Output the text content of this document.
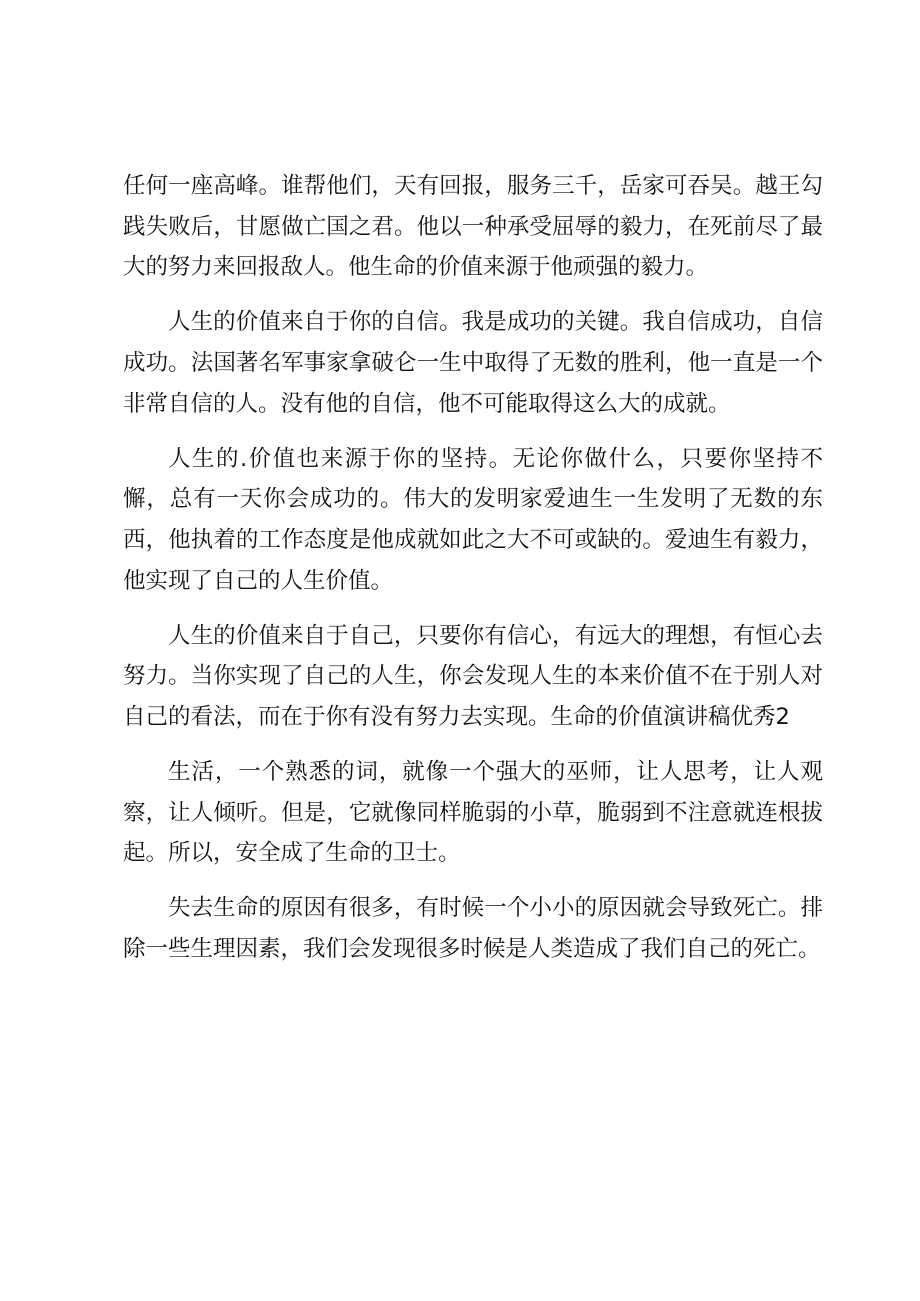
任何一座高峰。谁帮他们，天有回报，服务三千，岳家可吞吴。越王勾践失败后，甘愿做亡国之君。他以一种承受屈辱的毅力，在死前尽了最大的努力来回报敌人。他生命的价值来源于他顽强的毅力。

人生的价值来自于你的自信。我是成功的关键。我自信成功，自信成功。法国著名军事家拿破仑一生中取得了无数的胜利，他一直是一个非常自信的人。没有他的自信，他不可能取得这么大的成就。

人生的.价值也来源于你的坚持。无论你做什么，只要你坚持不懈，总有一天你会成功的。伟大的发明家爱迪生一生发明了无数的东西，他执着的工作态度是他成就如此之大不可或缺的。爱迪生有毅力，他实现了自己的人生价值。

人生的价值来自于自己，只要你有信心，有远大的理想，有恒心去努力。当你实现了自己的人生，你会发现人生的本来价值不在于别人对自己的看法，而在于你有没有努力去实现。生命的价值演讲稿优秀2

生活，一个熟悉的词，就像一个强大的巫师，让人思考，让人观察，让人倾听。但是，它就像同样脆弱的小草，脆弱到不注意就连根拔起。所以，安全成了生命的卫士。

失去生命的原因有很多，有时候一个小小的原因就会导致死亡。排除一些生理因素，我们会发现很多时候是人类造成了我们自己的死亡。
